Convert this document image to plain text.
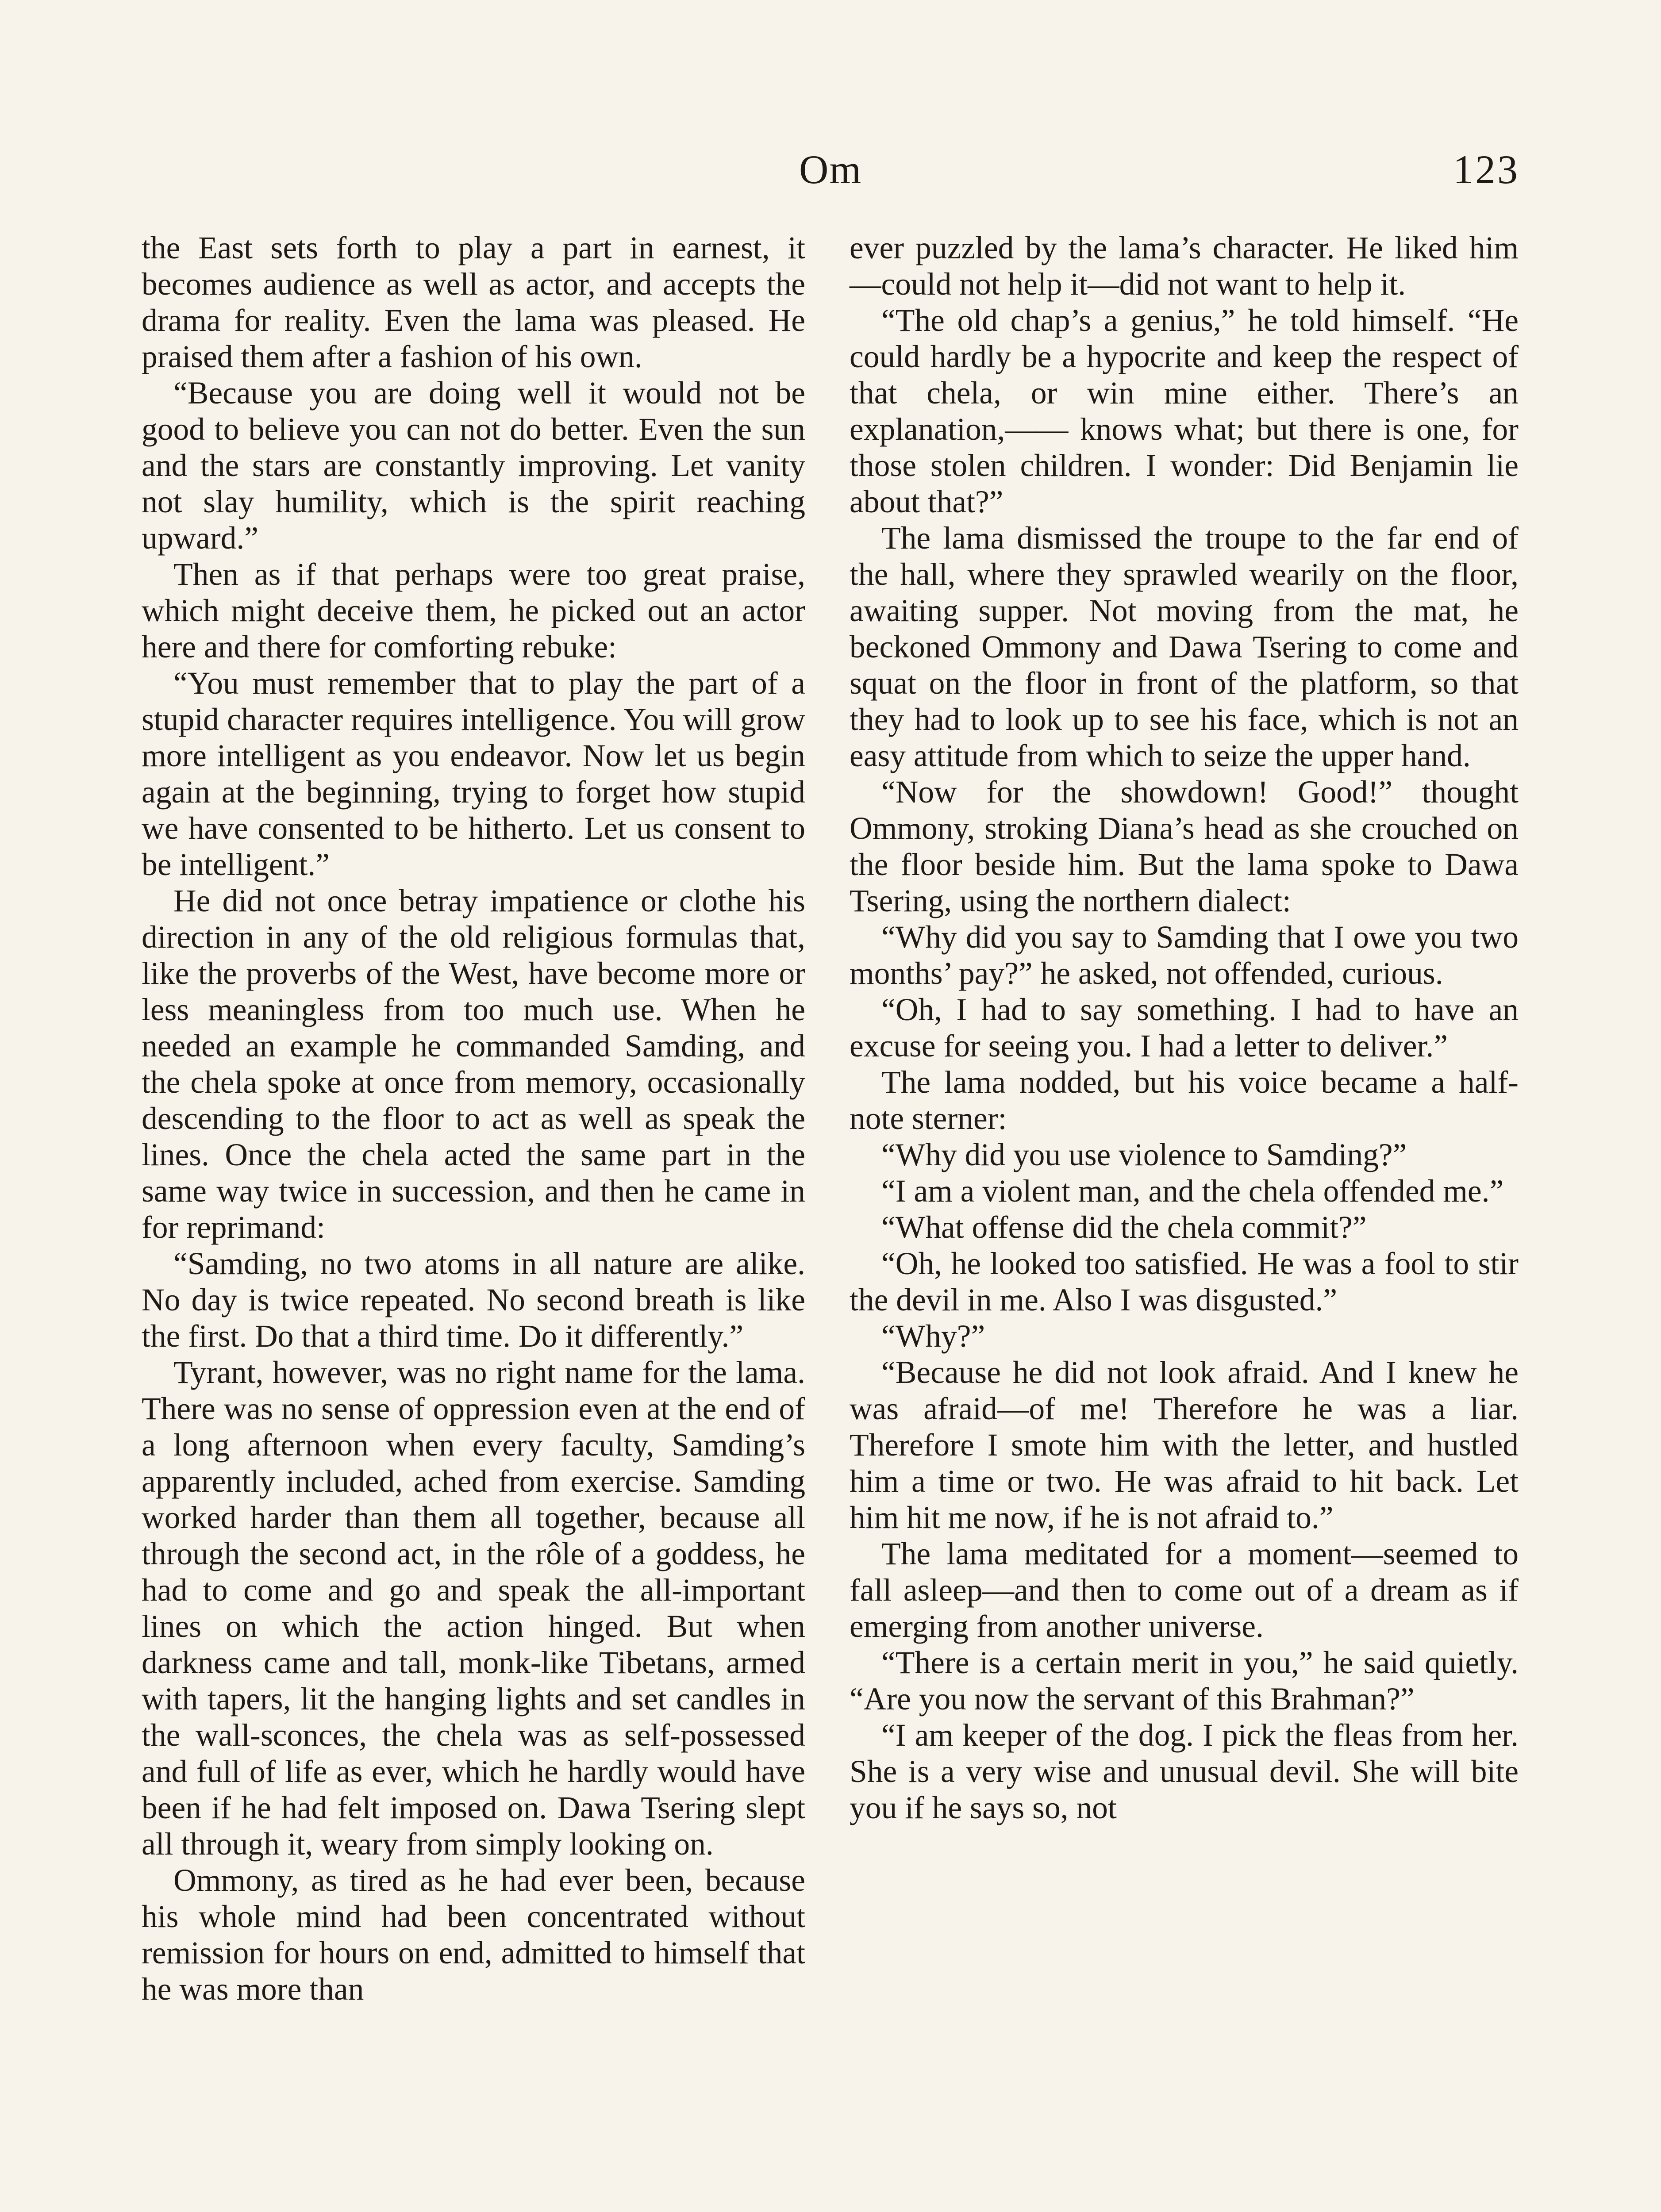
Om	123

the East sets forth to play a part in earnest, it becomes audience as well as actor, and accepts the drama for reality. Even the lama was pleased. He praised them after a fashion of his own.

“Because you are doing well it would not be good to believe you can not do better. Even the sun and the stars are constantly improving. Let vanity not slay humility, which is the spirit reaching upward.”

Then as if that perhaps were too great praise, which might deceive them, he picked out an actor here and there for comforting rebuke:

“You must remember that to play the part of a stupid character requires intelligence. You will grow more intelligent as you endeavor. Now let us begin again at the beginning, trying to forget how stupid we have consented to be hitherto. Let us consent to be intelligent.”

He did not once betray impatience or clothe his direction in any of the old religious formulas that, like the proverbs of the West, have become more or less meaningless from too much use. When he needed an example he commanded Samding, and the chela spoke at once from memory, occasionally descending to the floor to act as well as speak the lines. Once the chela acted the same part in the same way twice in succession, and then he came in for reprimand:

“Samding, no two atoms in all nature are alike. No day is twice repeated. No second breath is like the first. Do that a third time. Do it differently.”

Tyrant, however, was no right name for the lama. There was no sense of oppression even at the end of a long afternoon when every faculty, Samding’s apparently included, ached from exercise. Samding worked harder than them all together, because all through the second act, in the rôle of a goddess, he had to come and go and speak the all-important lines on which the action hinged. But when darkness came and tall, monk-like Tibetans, armed with tapers, lit the hanging lights and set candles in the wall-sconces, the chela was as self-possessed and full of life as ever, which he hardly would have been if he had felt imposed on. Dawa Tsering slept all through it, weary from simply looking on.

Ommony, as tired as he had ever been, because his whole mind had been concentrated without remission for hours on end, admitted to himself that he was more than

ever puzzled by the lama’s character. He liked him—could not help it—did not want to help it.

“The old chap’s a genius,” he told himself. “He could hardly be a hypocrite and keep the respect of that chela, or win mine either. There’s an explanation,—— knows what; but there is one, for those stolen children. I wonder: Did Benjamin lie about that?”

The lama dismissed the troupe to the far end of the hall, where they sprawled wearily on the floor, awaiting supper. Not moving from the mat, he beckoned Ommony and Dawa Tsering to come and squat on the floor in front of the platform, so that they had to look up to see his face, which is not an easy attitude from which to seize the upper hand.

“Now for the showdown! Good!” thought Ommony, stroking Diana’s head as she crouched on the floor beside him. But the lama spoke to Dawa Tsering, using the northern dialect:

“Why did you say to Samding that I owe you two months’ pay?” he asked, not offended, curious.

“Oh, I had to say something. I had to have an excuse for seeing you. I had a letter to deliver.”

The lama nodded, but his voice became a half-note sterner:

“Why did you use violence to Samding?”

“I am a violent man, and the chela offended me.”

“What offense did the chela commit?”

“Oh, he looked too satisfied. He was a fool to stir the devil in me. Also I was disgusted.”

“Why?”

“Because he did not look afraid. And I knew he was afraid—of me! Therefore he was a liar. Therefore I smote him with the letter, and hustled him a time or two. He was afraid to hit back. Let him hit me now, if he is not afraid to.”

The lama meditated for a moment—seemed to fall asleep—and then to come out of a dream as if emerging from another universe.

“There is a certain merit in you,” he said quietly. “Are you now the servant of this Brahman?”

“I am keeper of the dog. I pick the fleas from her. She is a very wise and unusual devil. She will bite you if he says so, not
